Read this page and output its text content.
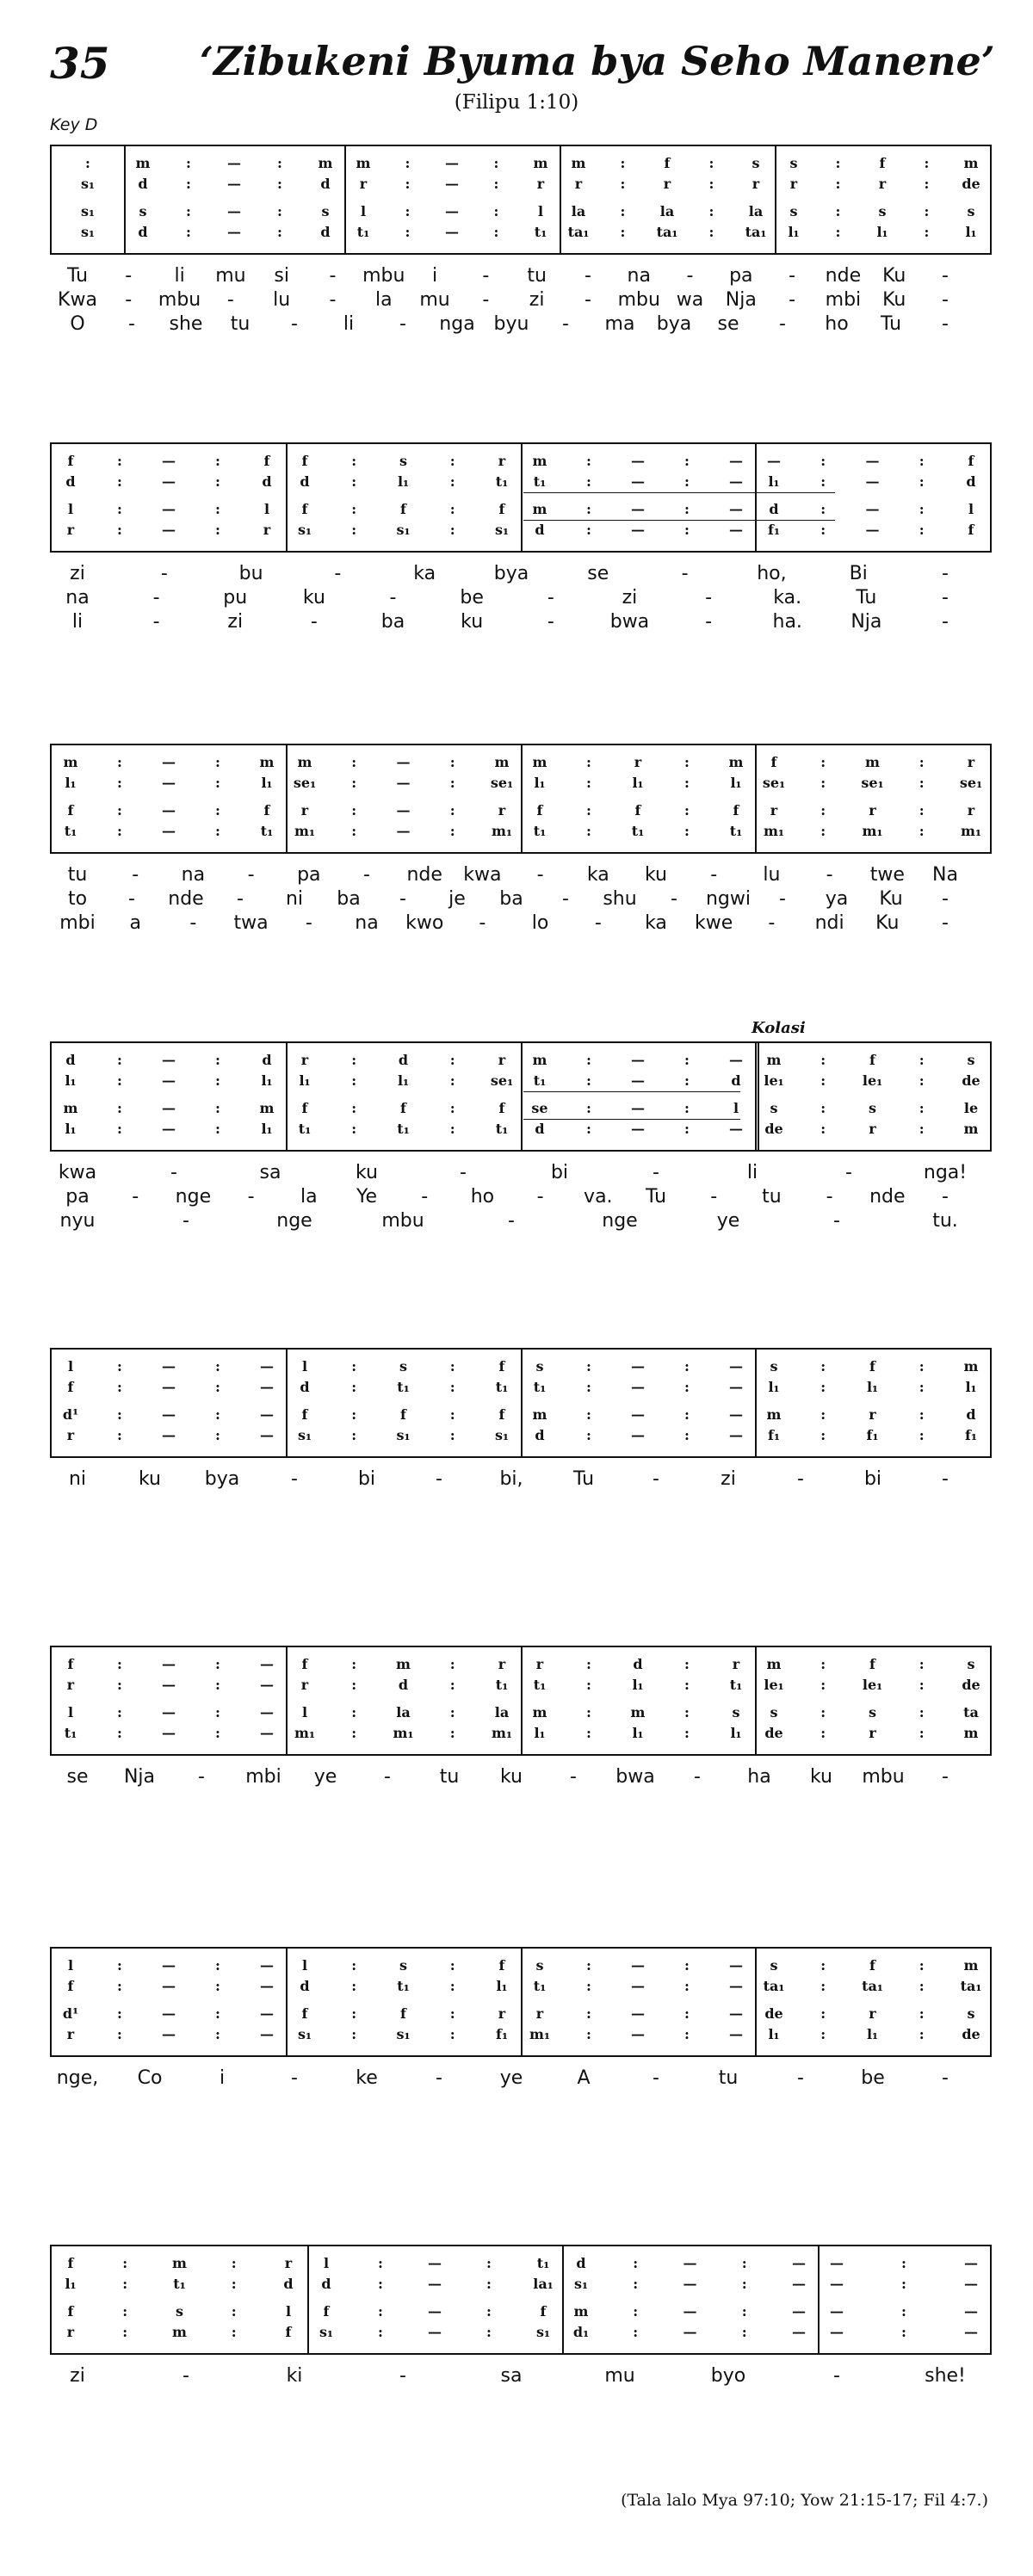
35 ‘Zibukeni Byuma bya Seho Manene’
(Filipu 1:10)
Key D
:	m	:	—	:	m m	:	—	:	m m	:	f	:	s s	:	f	:	m
s₁	d	:	—	:	d r	:	—	:	r r	:	r	:	r r	:	r	: de
s₁	s	:	—	:	s l	:	—	:	l la	:	la	:	la s	:	s	:	s
s₁	d	:	—	:	d t₁	:	—	:	t₁ ta₁ : ta₁ : ta₁ l₁	:	l₁	:	l₁
Tu - li mu si - mbu i - tu - na - pa - nde Ku -
Kwa - mbu - lu - la mu - zi - mbu wa Nja - mbi Ku -
O - she tu - li - nga byu - ma bya se - ho Tu -
f	:	—	:	f f	:	s	:	r m	:	—	:	— —	:	—	:	f
d	:	—	:	d d	:	l₁	:	t₁ t₁	:	—	:	— l₁	:	—	:	d
l	:	—	:	l f	:	f	:	f m	:	—	:	— d	:	—	:	l
r	:	—	:	r s₁	:	s₁	:	s₁ d	:	—	:	— f₁	:	—	:	f
zi	-	bu	-	ka	bya	se	-	ho,	Bi	-
na	-	pu	ku	-	be	-	zi	-	ka.	Tu	-
li	-	zi	-	ba	ku	-	bwa	-	ha.	Nja	-
m	:	—	:	m m	:	—	:	m m	:	r	:	m f	:	m	:	r
l₁	:	—	:	l₁ se₁	:	—	:	se₁ l₁	:	l₁	:	l₁ se₁	:	se₁	:	se₁
f	:	—	:	f r	:	—	:	r f	:	f	:	f r	:	r	:	r
t₁	:	—	:	t₁ m₁	:	—	:	m₁ t₁	:	t₁	:	t₁ m₁	:	m₁	:	m₁
tu - na - pa - nde kwa - ka ku - lu - twe Na
to - nde - ni ba - je ba - shu - ngwi - ya Ku -
mbi a	- twa - na kwo - lo - ka kwe - ndi Ku -
d	:	—	:	d r	:	d	:	r m	:	—	:	— m	:	f	:	s
l₁	:	—	:	l₁ l₁	:	l₁	:	se₁ t₁	:	—	:	d le₁	:	le₁	:	de
m	:	—	:	m f	:	f	:	f se	:	—	:	l s	:	s	:	le
l₁	:	—	:	l₁ t₁	:	t₁	:	t₁ d	:	—	:	— de	:	r	:	m
Kolasi
kwa	-	sa	ku	-	bi	-	li	-	nga!
pa - nge - la Ye - ho - va. Tu - tu - nde -
nyu	-	nge	mbu	-	nge	ye	-	tu.
l	:	—	:	— l	:	s	:	f s	:	—	:	— s	:	f	:	m
f	:	—	:	— d	:	t₁	:	t₁ t₁	:	—	:	— l₁	:	l₁	:	l₁
d¹	:	—	:	— f	:	f	:	f m	:	—	:	— m	:	r	:	d
r	:	—	:	— s₁	:	s₁	:	s₁ d	:	—	:	— f₁	:	f₁	:	f₁
ni	ku bya	-	bi	-	bi,	Tu	-	zi	-	bi	-
f	:	—	:	— f	:	m	:	r r	:	d	:	r m	:	f	:	s
r	:	—	:	— r	:	d	:	t₁ t₁	:	l₁	:	t₁ le₁	:	le₁	:	de
l	:	—	:	— l	:	la	:	la m	:	m	:	s s	:	s	:	ta
t₁	:	—	:	— m₁	:	m₁	:	m₁ l₁	:	l₁	:	l₁ de	:	r	:	m
se Nja - mbi ye -	tu ku	- bwa - ha ku mbu -
l	:	—	:	— l	:	s	:	f s	:	—	:	— s	:	f	:	m
f	:	—	:	— d	:	t₁	:	l₁ t₁	:	—	:	— ta₁	:	ta₁	:	ta₁
d¹	:	—	:	— f	:	f	:	r r	:	—	:	— de	:	r	:	s
r	:	—	:	— s₁	:	s₁	:	f₁ m₁	:	—	:	— l₁	:	l₁	:	de
nge, Co	i	-	ke	-	ye	A	-	tu	-	be	-
f	:	m	:	r l	:	—	:	t₁ d	:	—	:	— —	:	—
l₁	:	t₁	:	d d	:	—	:	la₁ s₁	:	—	:	— —	:	—
f	:	s	:	l f	:	—	:	f m	:	—	:	— —	:	—
r	:	m	:	f s₁	:	—	:	s₁ d₁	:	—	:	— —	:	—
zi	-	ki	-	sa	mu	byo	-	she!
(Tala lalo Mya 97:10; Yow 21:15-17; Fil 4:7.)
